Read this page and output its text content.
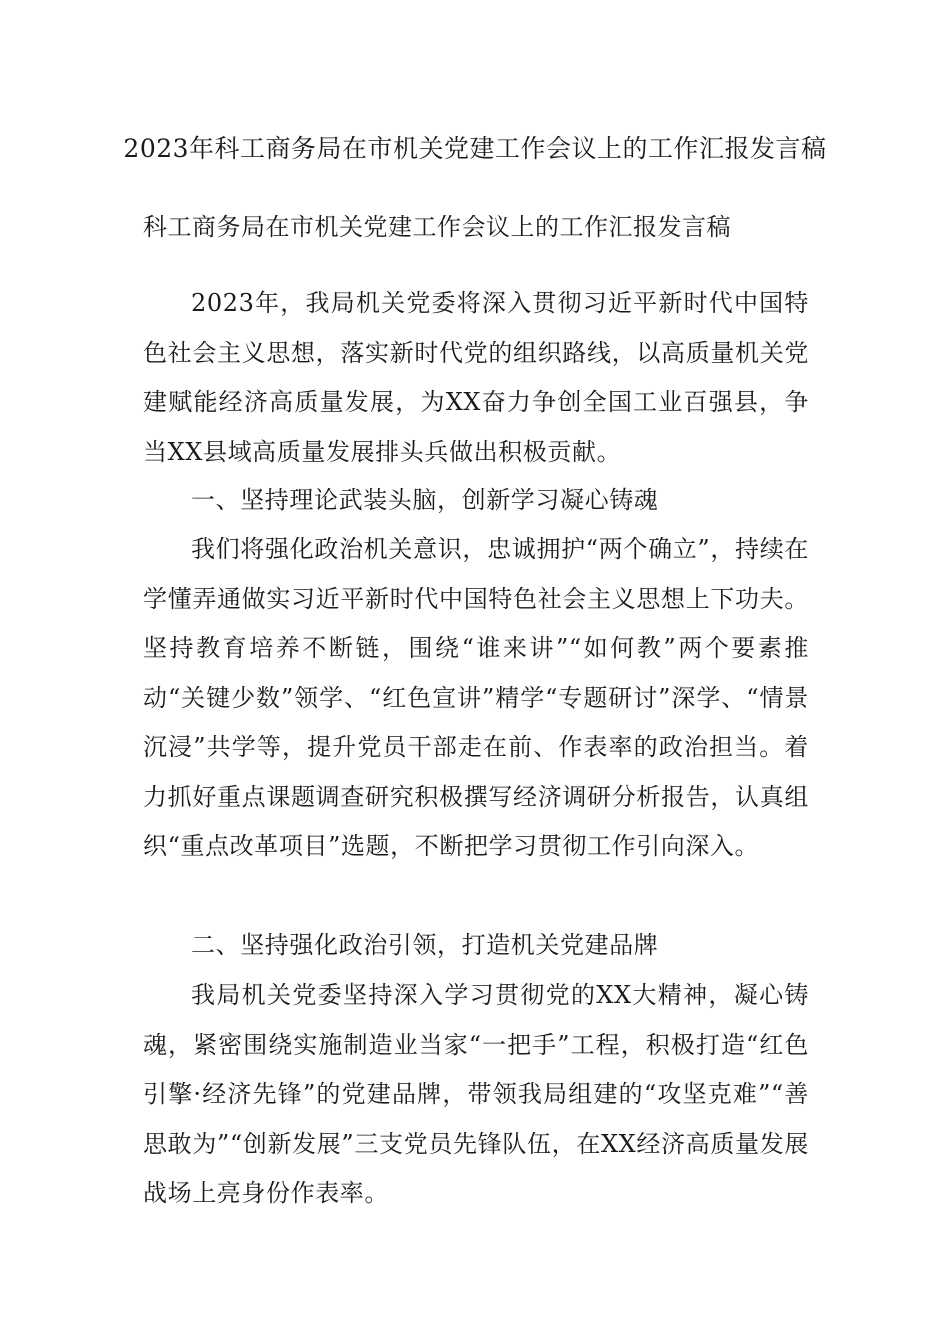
2023年科工商务局在市机关党建工作会议上的工作汇报发言稿
科工商务局在市机关党建工作会议上的工作汇报发言稿

2023年，我局机关党委将深入贯彻习近平新时代中国特色社会主义思想，落实新时代党的组织路线，以高质量机关党建赋能经济高质量发展，为XX奋力争创全国工业百强县，争当XX县域高质量发展排头兵做出积极贡献。

一、坚持理论武装头脑，创新学习凝心铸魂

我们将强化政治机关意识，忠诚拥护“两个确立”，持续在学懂弄通做实习近平新时代中国特色社会主义思想上下功夫。坚持教育培养不断链，围绕“谁来讲”“如何教”两个要素推动“关键少数”领学、“红色宣讲”精学“专题研讨”深学、“情景沉浸”共学等，提升党员干部走在前、作表率的政治担当。着力抓好重点课题调查研究积极撰写经济调研分析报告，认真组织“重点改革项目”选题，不断把学习贯彻工作引向深入。

二、坚持强化政治引领，打造机关党建品牌

我局机关党委坚持深入学习贯彻党的XX大精神，凝心铸魂，紧密围绕实施制造业当家“一把手”工程，积极打造“红色引擎·经济先锋”的党建品牌，带领我局组建的“攻坚克难”“善思敢为”“创新发展”三支党员先锋队伍，在XX经济高质量发展战场上亮身份作表率。
